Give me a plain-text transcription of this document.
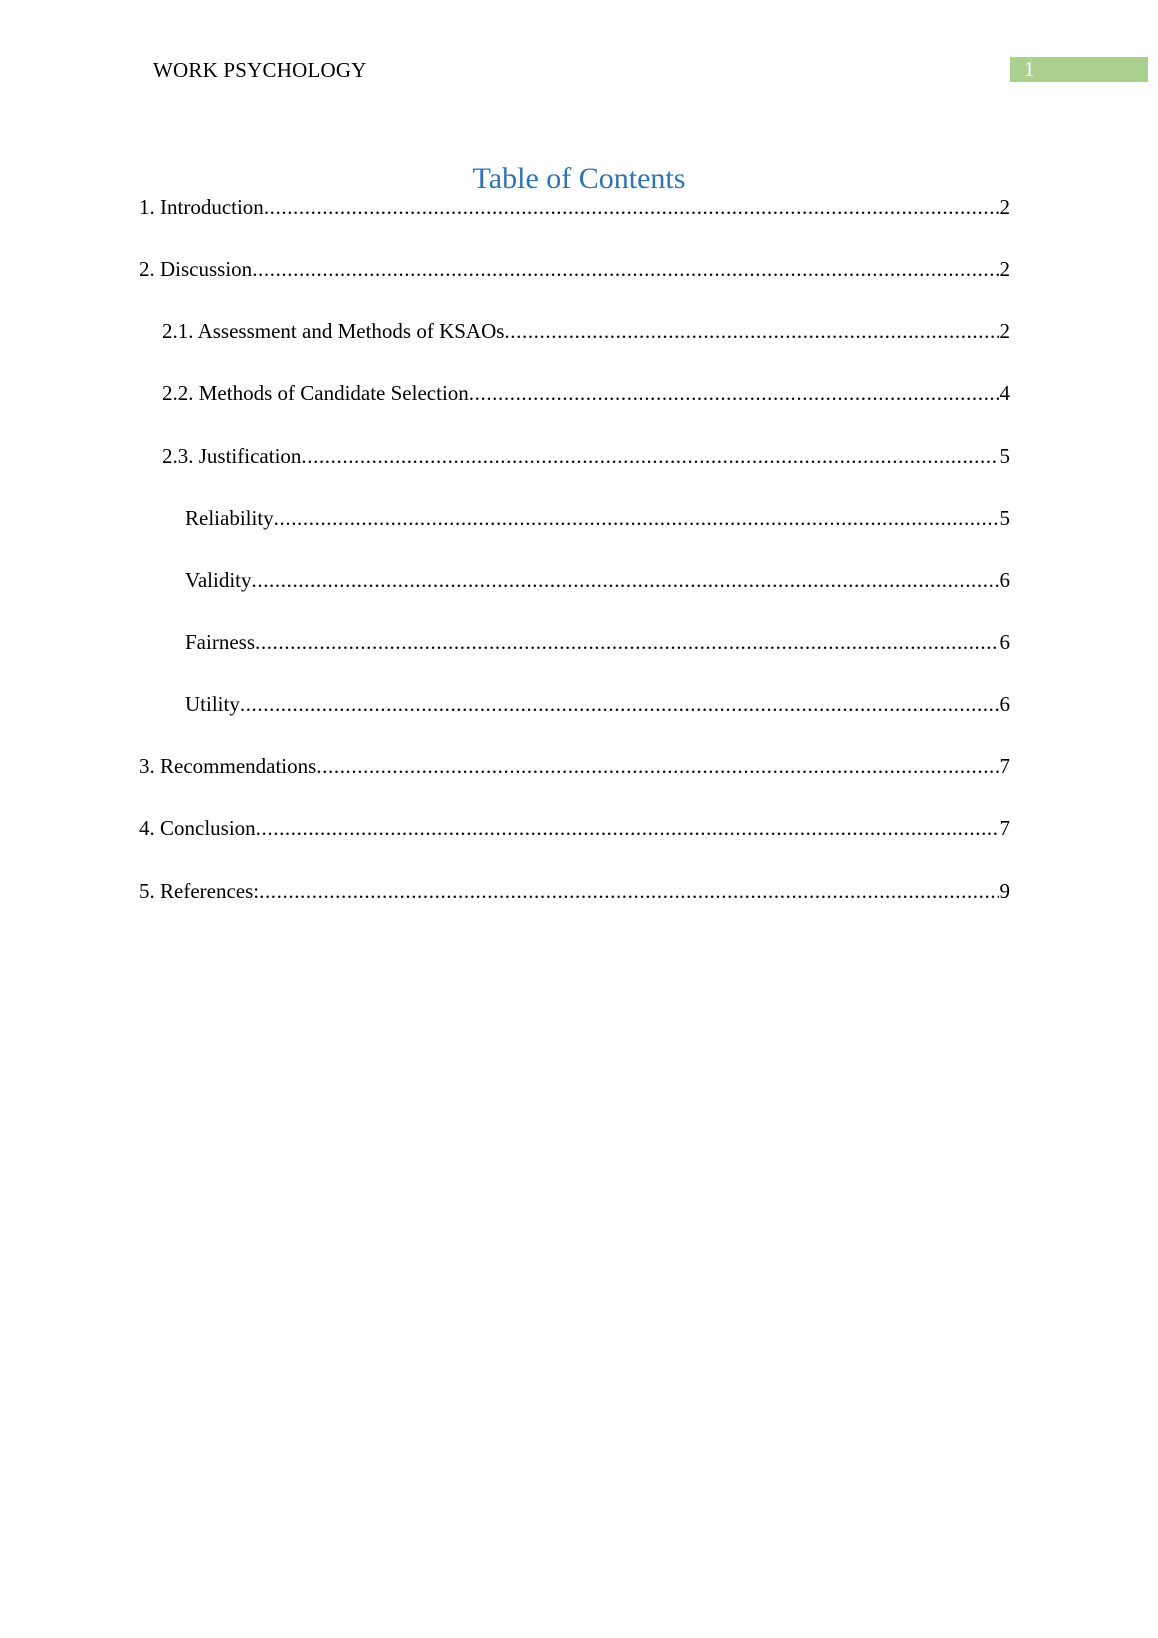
WORK PSYCHOLOGY	1
Table of Contents
1. Introduction .....	2
2. Discussion .....	2
2.1. Assessment and Methods of KSAOs .....	2
2.2. Methods of Candidate Selection .....	4
2.3. Justification .....	5
Reliability .....	5
Validity .....	6
Fairness .....	6
Utility .....	6
3. Recommendations .....	7
4. Conclusion .....	7
5. References: .....	9
